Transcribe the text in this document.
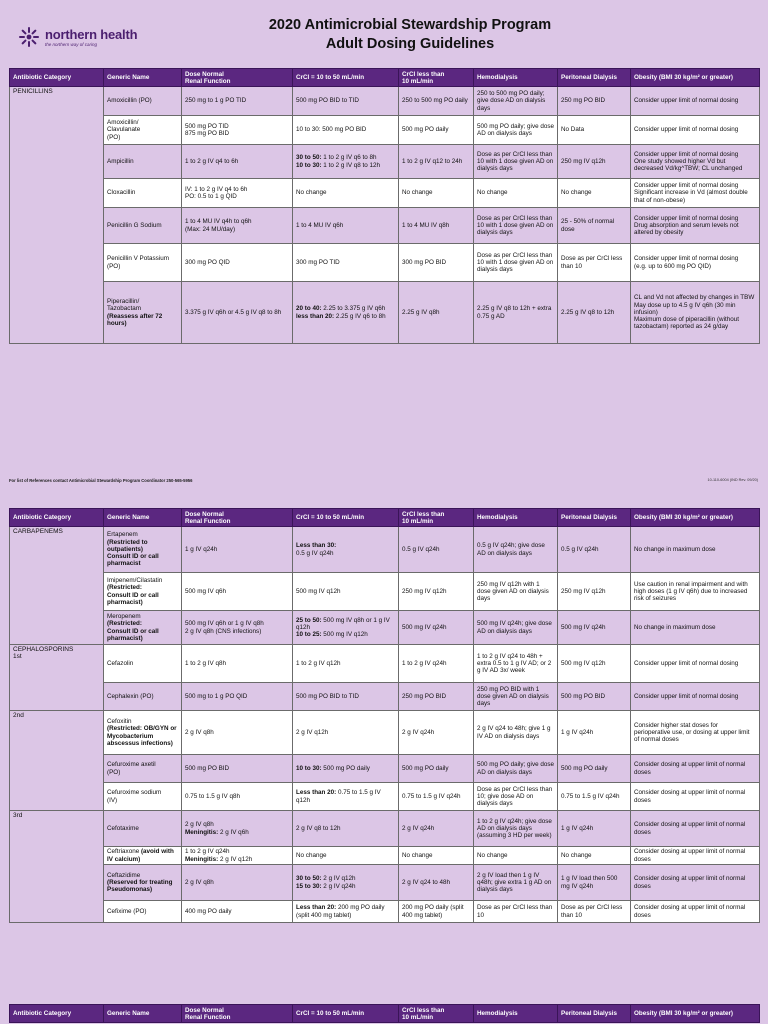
northern health
the northern way of caring
2020 Antimicrobial Stewardship Program
Adult Dosing Guidelines
Antibiotic Category	Generic Name	Dose Normal
Renal Function	CrCl = 10 to 50 mL/min	CrCl less than
10 mL/min	Hemodialysis	Peritoneal Dialysis	Obesity (BMI 30 kg/m² or greater)

PENICILLINS	Amoxicillin (PO)	250 mg to 1 g PO TID	500 mg PO BID to TID	250 to 500 mg PO daily	250 to 500 mg PO daily; give dose AD on dialysis days	250 mg PO BID	Consider upper limit of normal dosing

	Amoxicillin/
Clavulanate
(PO)	500 mg PO TID
875 mg PO BID	10 to 30: 500 mg PO BID	500 mg PO daily	500 mg PO daily; give dose AD on dialysis days	No Data	Consider upper limit of normal dosing

	Ampicillin	1 to 2 g IV q4 to 6h	30 to 50: 1 to 2 g IV q6 to 8h
10 to 30: 1 to 2 g IV q8 to 12h	1 to 2 g IV q12 to 24h	Dose as per CrCl less than 10 with 1 dose given AD on dialysis days	250 mg IV q12h	Consider upper limit of normal dosing
One study showed higher Vd but decreased Vd/kg^TBW; CL unchanged

	Cloxacillin	IV: 1 to 2 g IV q4 to 6h
PO: 0.5 to 1 g QID	No change	No change	No change	No change	Consider upper limit of normal dosing
Significant increase in Vd (almost double that of non-obese)

	Penicillin G Sodium	1 to 4 MU IV q4h to q6h
(Max: 24 MU/day)	1 to 4 MU IV q6h	1 to 4 MU IV q8h	Dose as per CrCl less than 10 with 1 dose given AD on dialysis days	25 - 50% of normal dose	Consider upper limit of normal dosing
Drug absorption and serum levels not altered by obesity

	Penicillin V Potassium
(PO)	300 mg PO QID	300 mg PO TID	300 mg PO BID	Dose as per CrCl less than 10 with 1 dose given AD on dialysis days	Dose as per CrCl less than 10	Consider upper limit of normal dosing
(e.g. up to 600 mg PO QID)

	Piperacillin/
Tazobactam
(Reassess after 72 hours)	3.375 g IV q6h or 4.5 g IV q8 to 8h	20 to 40: 2.25 to 3.375 g IV q6h
less than 20: 2.25 g IV q6 to 8h	2.25 g IV q8h	2.25 g IV q8 to 12h + extra 0.75 g AD	2.25 g IV q8 to 12h	CL and Vd not affected by changes in TBW
May dose up to 4.5 g IV q6h (30 min infusion)
Maximum dose of piperacillin (without tazobactam) reported as 24 g/day
Antibiotic Category	Generic Name	Dose Normal
Renal Function	CrCl = 10 to 50 mL/min	CrCl less than
10 mL/min	Hemodialysis	Peritoneal Dialysis	Obesity (BMI 30 kg/m² or greater)

CARBAPENEMS	Ertapenem
(Restricted to outpatients)
Consult ID or call pharmacist	1 g IV q24h	Less than 30:
0.5 g IV q24h	0.5 g IV q24h	0.5 g IV q24h; give dose AD on dialysis days	0.5 g IV q24h	No change in maximum dose

	Imipenem/Cilastatin
(Restricted:
Consult ID or call pharmacist)	500 mg IV q6h	500 mg IV q12h	250 mg IV q12h	250 mg IV q12h with 1 dose given AD on dialysis days	250 mg IV q12h	Use caution in renal impairment and with high doses (1 g IV q6h) due to increased risk of seizures

	Meropenem
(Restricted:
Consult ID or call pharmacist)	500 mg IV q6h or 1 g IV q8h
2 g IV q8h (CNS infections)	25 to 50: 500 mg IV q8h or 1 g IV q12h
10 to 25: 500 mg IV q12h	500 mg IV q24h	500 mg IV q24h; give dose AD on dialysis days	500 mg IV q24h	No change in maximum dose

CEPHALOSPORINS
1st	Cefazolin	1 to 2 g IV q8h	1 to 2 g IV q12h	1 to 2 g IV q24h	1 to 2 g IV q24 to 48h + extra 0.5 to 1 g IV AD; or 2 g IV AD 3x/ week	500 mg IV q12h	Consider upper limit of normal dosing

	Cephalexin (PO)	500 mg to 1 g PO QID	500 mg PO BID to TID	250 mg PO BID	250 mg PO BID with 1 dose given AD on dialysis days	500 mg PO BID	Consider upper limit of normal dosing

2nd	Cefoxitin
(Restricted: OB/GYN or Mycobacterium abscessus infections)	2 g IV q8h	2 g IV q12h	2 g IV q24h	2 g IV q24 to 48h; give 1 g IV AD on dialysis days	1 g IV q24h	Consider higher stat doses for perioperative use, or dosing at upper limit of normal doses

	Cefuroxime axetil
(PO)	500 mg PO BID	10 to 30: 500 mg PO daily	500 mg PO daily	500 mg PO daily; give dose AD on dialysis days	500 mg PO daily	Consider dosing at upper limit of normal doses

	Cefuroxime sodium
(IV)	0.75 to 1.5 g IV q8h	Less than 20: 0.75 to 1.5 g IV q12h	0.75 to 1.5 g IV q24h	Dose as per CrCl less than 10; give dose AD on dialysis days	0.75 to 1.5 g IV q24h	Consider dosing at upper limit of normal doses

3rd	Cefotaxime	2 g IV q8h
Meningitis: 2 g IV q6h	2 g IV q8 to 12h	2 g IV q24h	1 to 2 g IV q24h; give dose AD on dialysis days (assuming 3 HD per week)	1 g IV q24h	Consider dosing at upper limit of normal doses

	Ceftriaxone (avoid with IV calcium)	1 to 2 g IV q24h
Meningitis: 2 g IV q12h	No change	No change	No change	No change	Consider dosing at upper limit of normal doses

	Ceftazidime
(Reserved for treating Pseudomonas)	2 g IV q8h	30 to 50: 2 g IV q12h
15 to 30: 2 g IV q24h	2 g IV q24 to 48h	2 g IV load then 1 g IV q48h; give extra 1 g AD on dialysis days	1 g IV load then 500 mg IV q24h	Consider dosing at upper limit of normal doses

	Cefixime (PO)	400 mg PO daily	Less than 20: 200 mg PO daily (split 400 mg tablet)	200 mg PO daily (split 400 mg tablet)	Dose as per CrCl less than 10	Dose as per CrCl less than 10	Consider dosing at upper limit of normal doses
Antibiotic Category	Generic Name	Dose Normal
Renal Function	CrCl = 10 to 50 mL/min	CrCl less than
10 mL/min	Hemodialysis	Peritoneal Dialysis	Obesity (BMI 30 kg/m² or greater)
For list of References contact Antimicrobial Stewardship Program Coordinator 250-565-5956	10-110-6004 (IND Rev. 09/20)
